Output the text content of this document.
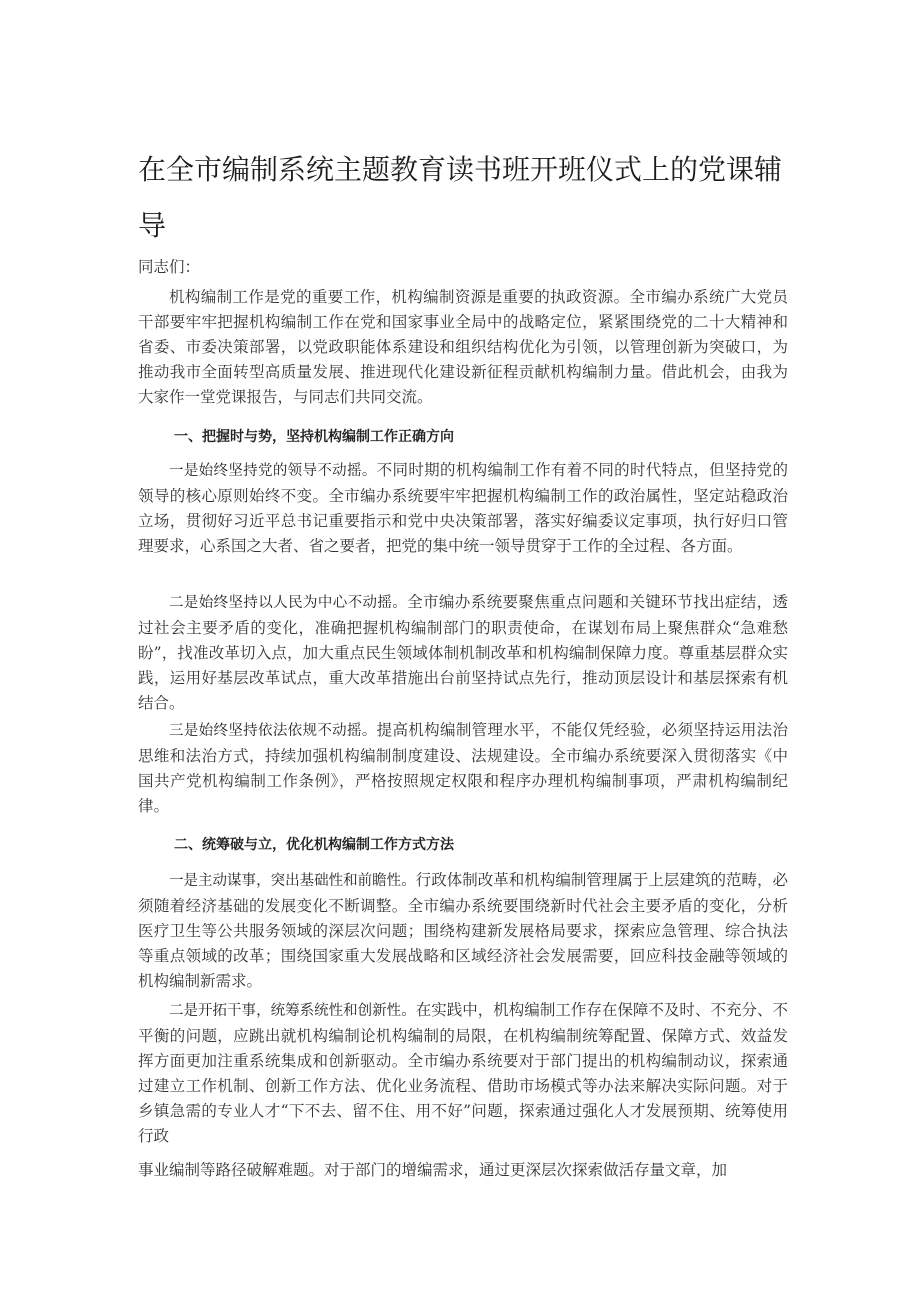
在全市编制系统主题教育读书班开班仪式上的党课辅导
同志们：

机构编制工作是党的重要工作，机构编制资源是重要的执政资源。全市编办系统广大党员干部要牢牢把握机构编制工作在党和国家事业全局中的战略定位，紧紧围绕党的二十大精神和省委、市委决策部署，以党政职能体系建设和组织结构优化为引领，以管理创新为突破口，为推动我市全面转型高质量发展、推进现代化建设新征程贡献机构编制力量。借此机会，由我为大家作一堂党课报告，与同志们共同交流。

一、把握时与势，坚持机构编制工作正确方向

一是始终坚持党的领导不动摇。不同时期的机构编制工作有着不同的时代特点，但坚持党的领导的核心原则始终不变。全市编办系统要牢牢把握机构编制工作的政治属性，坚定站稳政治立场，贯彻好习近平总书记重要指示和党中央决策部署，落实好编委议定事项，执行好归口管理要求，心系国之大者、省之要者，把党的集中统一领导贯穿于工作的全过程、各方面。

二是始终坚持以人民为中心不动摇。全市编办系统要聚焦重点问题和关键环节找出症结，透过社会主要矛盾的变化，准确把握机构编制部门的职责使命，在谋划布局上聚焦群众“急难愁盼”，找准改革切入点，加大重点民生领域体制机制改革和机构编制保障力度。尊重基层群众实践，运用好基层改革试点，重大改革措施出台前坚持试点先行，推动顶层设计和基层探索有机结合。

三是始终坚持依法依规不动摇。提高机构编制管理水平，不能仅凭经验，必须坚持运用法治思维和法治方式，持续加强机构编制制度建设、法规建设。全市编办系统要深入贯彻落实《中国共产党机构编制工作条例》，严格按照规定权限和程序办理机构编制事项，严肃机构编制纪律。

二、统筹破与立，优化机构编制工作方式方法

一是主动谋事，突出基础性和前瞻性。行政体制改革和机构编制管理属于上层建筑的范畴，必须随着经济基础的发展变化不断调整。全市编办系统要围绕新时代社会主要矛盾的变化，分析医疗卫生等公共服务领域的深层次问题；围绕构建新发展格局要求，探索应急管理、综合执法等重点领域的改革；围绕国家重大发展战略和区域经济社会发展需要，回应科技金融等领域的机构编制新需求。

二是开拓干事，统筹系统性和创新性。在实践中，机构编制工作存在保障不及时、不充分、不平衡的问题，应跳出就机构编制论机构编制的局限，在机构编制统筹配置、保障方式、效益发挥方面更加注重系统集成和创新驱动。全市编办系统要对于部门提出的机构编制动议，探索通过建立工作机制、创新工作方法、优化业务流程、借助市场模式等办法来解决实际问题。对于乡镇急需的专业人才“下不去、留不住、用不好”问题，探索通过强化人才发展预期、统筹使用行政

事业编制等路径破解难题。对于部门的增编需求，通过更深层次探索做活存量文章，加
